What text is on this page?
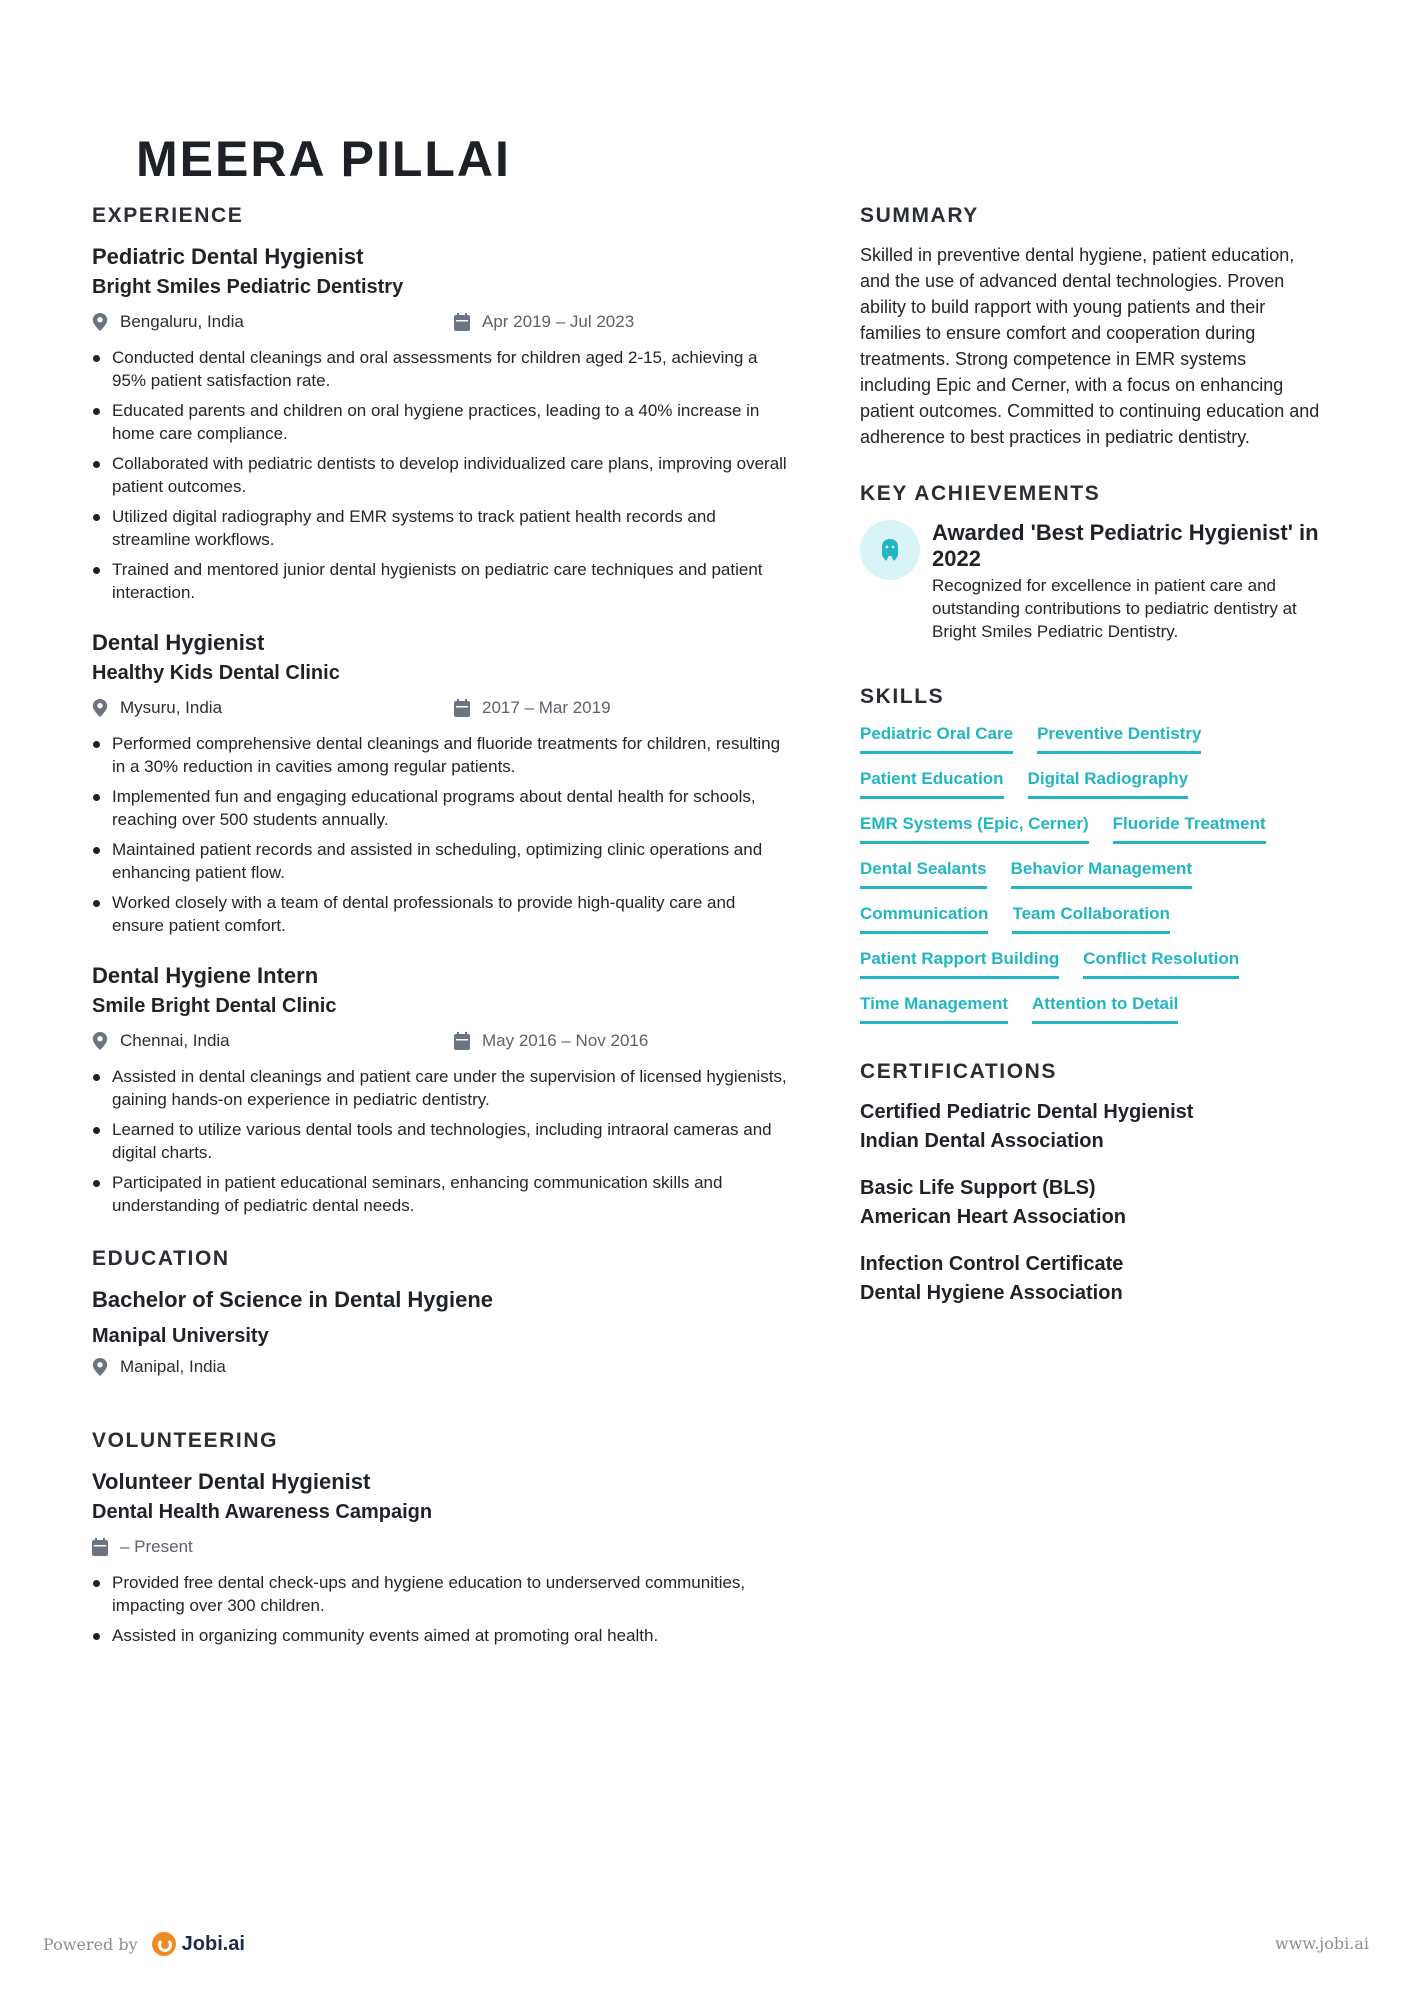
MEERA PILLAI
EXPERIENCE
Pediatric Dental Hygienist
Bright Smiles Pediatric Dentistry
Bengaluru, India	Apr 2019 – Jul 2023
Conducted dental cleanings and oral assessments for children aged 2-15, achieving a 95% patient satisfaction rate.
Educated parents and children on oral hygiene practices, leading to a 40% increase in home care compliance.
Collaborated with pediatric dentists to develop individualized care plans, improving overall patient outcomes.
Utilized digital radiography and EMR systems to track patient health records and streamline workflows.
Trained and mentored junior dental hygienists on pediatric care techniques and patient interaction.
Dental Hygienist
Healthy Kids Dental Clinic
Mysuru, India	2017 – Mar 2019
Performed comprehensive dental cleanings and fluoride treatments for children, resulting in a 30% reduction in cavities among regular patients.
Implemented fun and engaging educational programs about dental health for schools, reaching over 500 students annually.
Maintained patient records and assisted in scheduling, optimizing clinic operations and enhancing patient flow.
Worked closely with a team of dental professionals to provide high-quality care and ensure patient comfort.
Dental Hygiene Intern
Smile Bright Dental Clinic
Chennai, India	May 2016 – Nov 2016
Assisted in dental cleanings and patient care under the supervision of licensed hygienists, gaining hands-on experience in pediatric dentistry.
Learned to utilize various dental tools and technologies, including intraoral cameras and digital charts.
Participated in patient educational seminars, enhancing communication skills and understanding of pediatric dental needs.
EDUCATION
Bachelor of Science in Dental Hygiene
Manipal University
Manipal, India
VOLUNTEERING
Volunteer Dental Hygienist
Dental Health Awareness Campaign
– Present
Provided free dental check-ups and hygiene education to underserved communities, impacting over 300 children.
Assisted in organizing community events aimed at promoting oral health.
SUMMARY

Skilled in preventive dental hygiene, patient education, and the use of advanced dental technologies. Proven ability to build rapport with young patients and their families to ensure comfort and cooperation during treatments. Strong competence in EMR systems including Epic and Cerner, with a focus on enhancing patient outcomes. Committed to continuing education and adherence to best practices in pediatric dentistry.

KEY ACHIEVEMENTS
Awarded 'Best Pediatric Hygienist' in 2022
Recognized for excellence in patient care and outstanding contributions to pediatric dentistry at Bright Smiles Pediatric Dentistry.
SKILLS
Pediatric Oral Care Preventive Dentistry
Patient Education Digital Radiography
EMR Systems (Epic, Cerner) Fluoride Treatment
Dental Sealants Behavior Management
Communication Team Collaboration
Patient Rapport Building Conflict Resolution
Time Management Attention to Detail
CERTIFICATIONS
Certified Pediatric Dental Hygienist
Indian Dental Association
Basic Life Support (BLS)
American Heart Association
Infection Control Certificate
Dental Hygiene Association
Powered by Jobi.ai	www.jobi.ai
